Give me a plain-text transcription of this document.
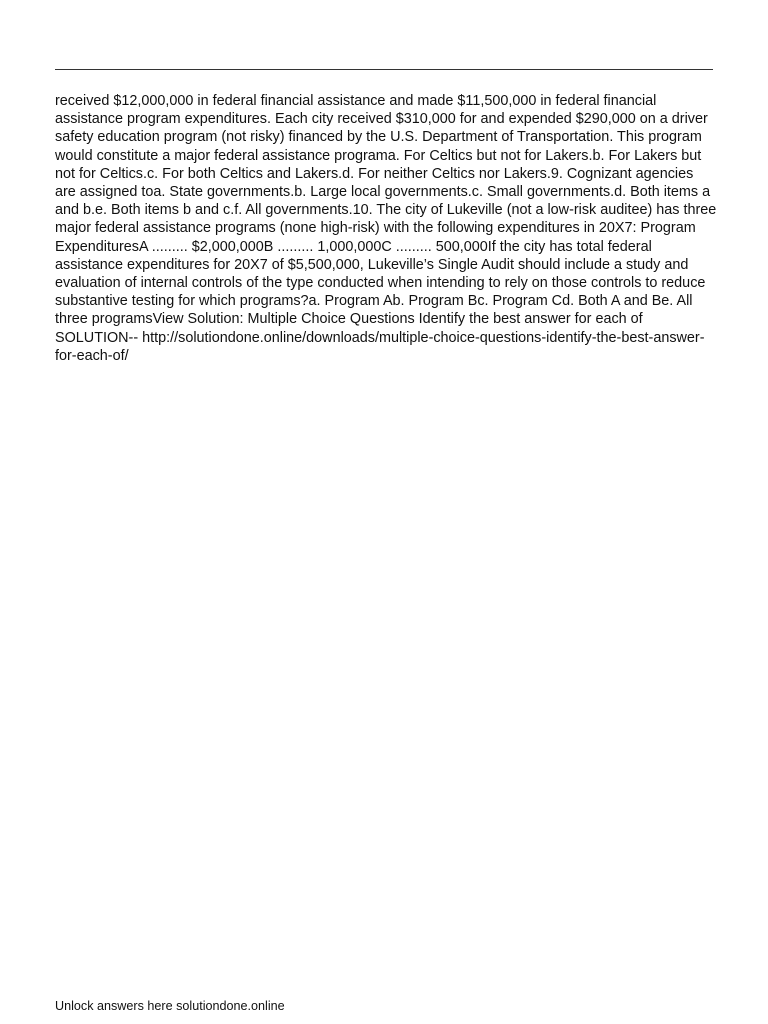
received $12,000,000 in federal financial assistance and made $11,500,000 in federal financial assistance program expenditures. Each city received $310,000 for and expended $290,000 on a driver safety education program (not risky) financed by the U.S. Department of Transportation. This program would constitute a major federal assistance programa. For Celtics but not for Lakers.b. For Lakers but not for Celtics.c. For both Celtics and Lakers.d. For neither Celtics nor Lakers.9. Cognizant agencies are assigned toa. State governments.b. Large local governments.c. Small governments.d. Both items a and b.e. Both items b and c.f. All governments.10. The city of Lukeville (not a low-risk auditee) has three major federal assistance programs (none high-risk) with the following expenditures in 20X7: Program ExpendituresA ......... $2,000,000B ......... 1,000,000C ......... 500,000If the city has total federal assistance expenditures for 20X7 of $5,500,000, Lukeville’s Single Audit should include a study and evaluation of internal controls of the type conducted when intending to rely on those controls to reduce substantive testing for which programs?a. Program Ab. Program Bc. Program Cd. Both A and Be. All three programsView Solution: Multiple Choice Questions Identify the best answer for each of

SOLUTION-- http://solutiondone.online/downloads/multiple-choice-questions-identify-the-best-answer-for-each-of/

Unlock answers here solutiondone.online
